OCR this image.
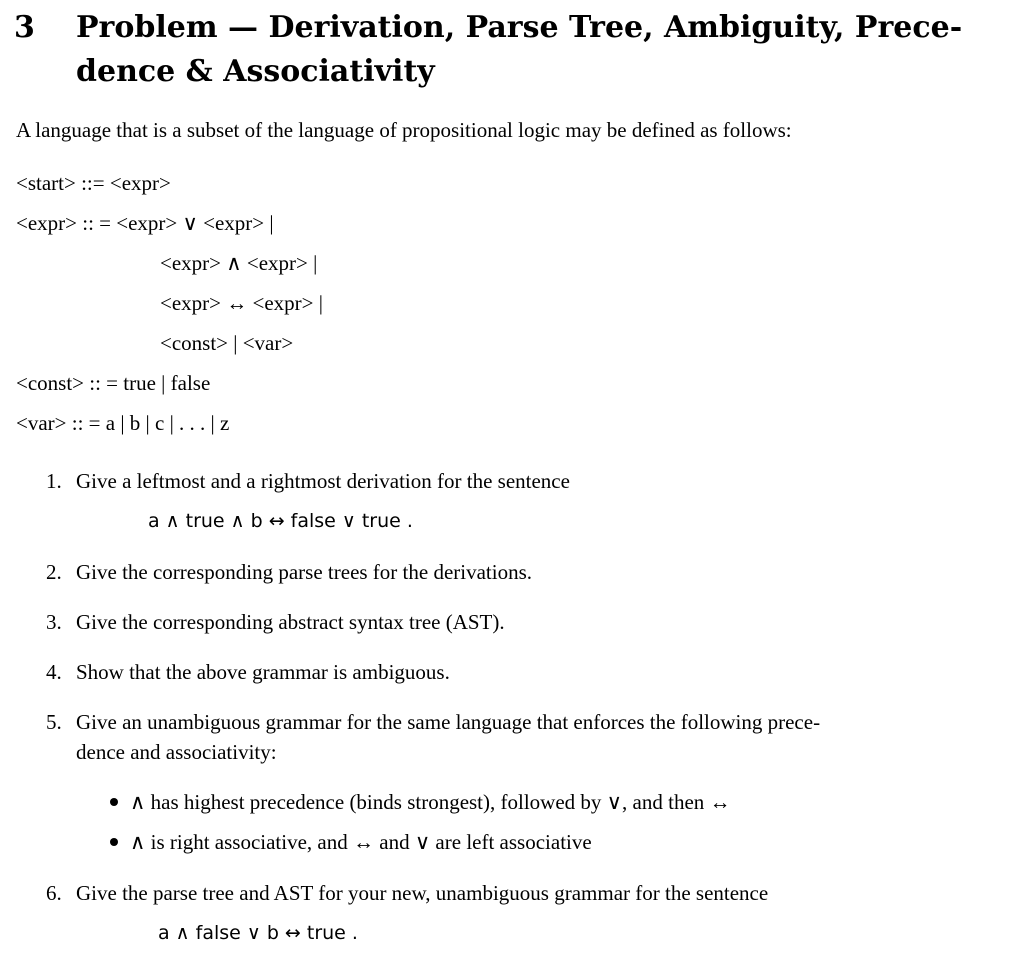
3 Problem — Derivation, Parse Tree, Ambiguity, Prece-
dence & Associativity
A language that is a subset of the language of propositional logic may be defined as follows:
<start> ::= <expr>
<expr> :: = <expr> ∨ <expr> |
<expr> ∧ <expr> |
<expr> ↔ <expr> |
<const> | <var>
<const> :: = true | false
<var> :: = a | b | c | . . . | z
1. Give a leftmost and a rightmost derivation for the sentence
a ∧ true ∧ b ↔ false ∨ true .
2. Give the corresponding parse trees for the derivations.
3. Give the corresponding abstract syntax tree (AST).
4. Show that the above grammar is ambiguous.
5. Give an unambiguous grammar for the same language that enforces the following prece-
dence and associativity:
∧ has highest precedence (binds strongest), followed by ∨, and then ↔
∧ is right associative, and ↔ and ∨ are left associative
6. Give the parse tree and AST for your new, unambiguous grammar for the sentence
a ∧ false ∨ b ↔ true .
